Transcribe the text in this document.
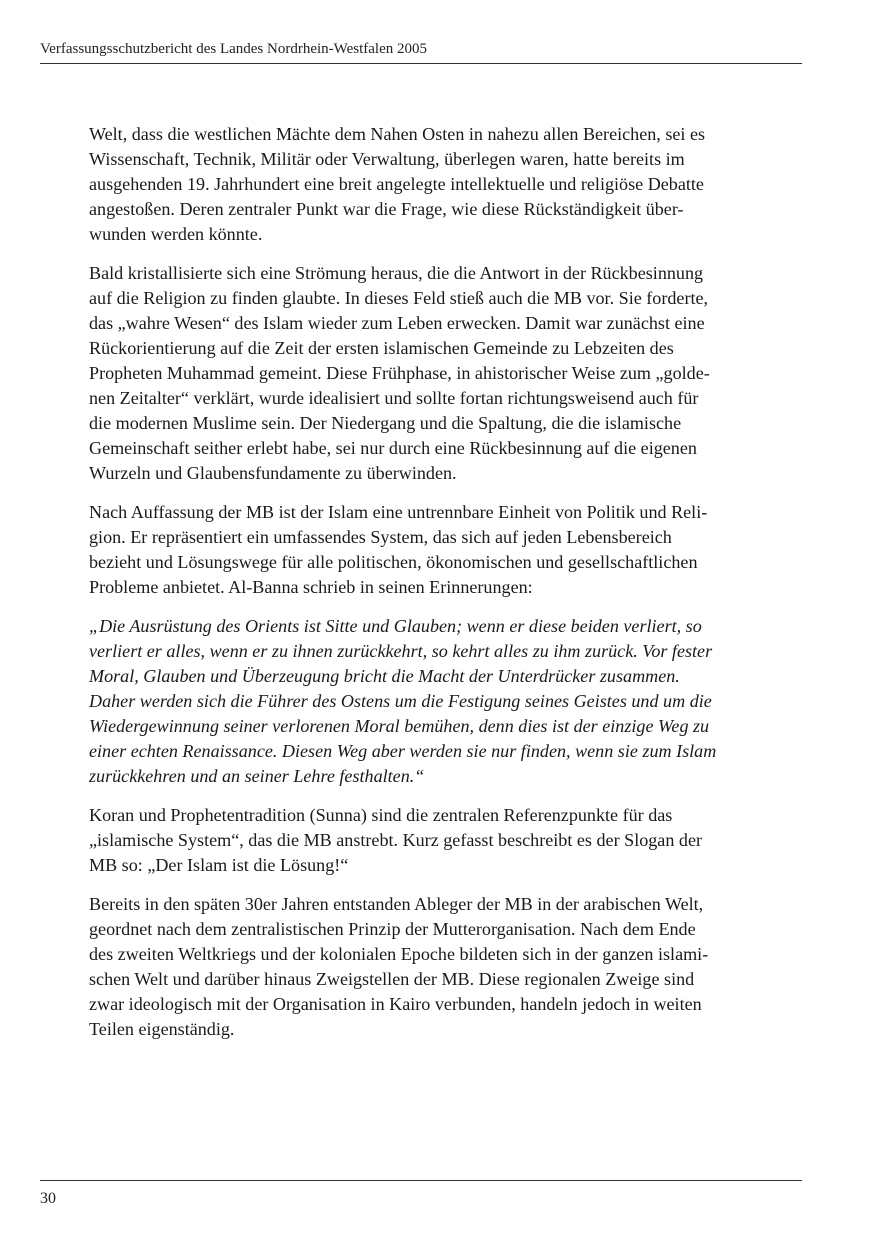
Verfassungsschutzbericht des Landes Nordrhein-Westfalen 2005

Welt, dass die westlichen Mächte dem Nahen Osten in nahezu allen Bereichen, sei es
Wissenschaft, Technik, Militär oder Verwaltung, überlegen waren, hatte bereits im
ausgehenden 19. Jahrhundert eine breit angelegte intellektuelle und religiöse Debatte
angestoßen. Deren zentraler Punkt war die Frage, wie diese Rückständigkeit über-
wunden werden könnte.

Bald kristallisierte sich eine Strömung heraus, die die Antwort in der Rückbesinnung
auf die Religion zu finden glaubte. In dieses Feld stieß auch die MB vor. Sie forderte,
das „wahre Wesen“ des Islam wieder zum Leben erwecken. Damit war zunächst eine
Rückorientierung auf die Zeit der ersten islamischen Gemeinde zu Lebzeiten des
Propheten Muhammad gemeint. Diese Frühphase, in ahistorischer Weise zum „golde-
nen Zeitalter“ verklärt, wurde idealisiert und sollte fortan richtungsweisend auch für
die modernen Muslime sein. Der Niedergang und die Spaltung, die die islamische
Gemeinschaft seither erlebt habe, sei nur durch eine Rückbesinnung auf die eigenen
Wurzeln und Glaubensfundamente zu überwinden.

Nach Auffassung der MB ist der Islam eine untrennbare Einheit von Politik und Reli-
gion. Er repräsentiert ein umfassendes System, das sich auf jeden Lebensbereich
bezieht und Lösungswege für alle politischen, ökonomischen und gesellschaftlichen
Probleme anbietet. Al-Banna schrieb in seinen Erinnerungen:

„Die Ausrüstung des Orients ist Sitte und Glauben; wenn er diese beiden verliert, so
verliert er alles, wenn er zu ihnen zurückkehrt, so kehrt alles zu ihm zurück. Vor fester
Moral, Glauben und Überzeugung bricht die Macht der Unterdrücker zusammen.
Daher werden sich die Führer des Ostens um die Festigung seines Geistes und um die
Wiedergewinnung seiner verlorenen Moral bemühen, denn dies ist der einzige Weg zu
einer echten Renaissance. Diesen Weg aber werden sie nur finden, wenn sie zum Islam
zurückkehren und an seiner Lehre festhalten.“

Koran und Prophetentradition (Sunna) sind die zentralen Referenzpunkte für das
„islamische System“, das die MB anstrebt. Kurz gefasst beschreibt es der Slogan der
MB so: „Der Islam ist die Lösung!“

Bereits in den späten 30er Jahren entstanden Ableger der MB in der arabischen Welt,
geordnet nach dem zentralistischen Prinzip der Mutterorganisation. Nach dem Ende
des zweiten Weltkriegs und der kolonialen Epoche bildeten sich in der ganzen islami-
schen Welt und darüber hinaus Zweigstellen der MB. Diese regionalen Zweige sind
zwar ideologisch mit der Organisation in Kairo verbunden, handeln jedoch in weiten
Teilen eigenständig.

30
